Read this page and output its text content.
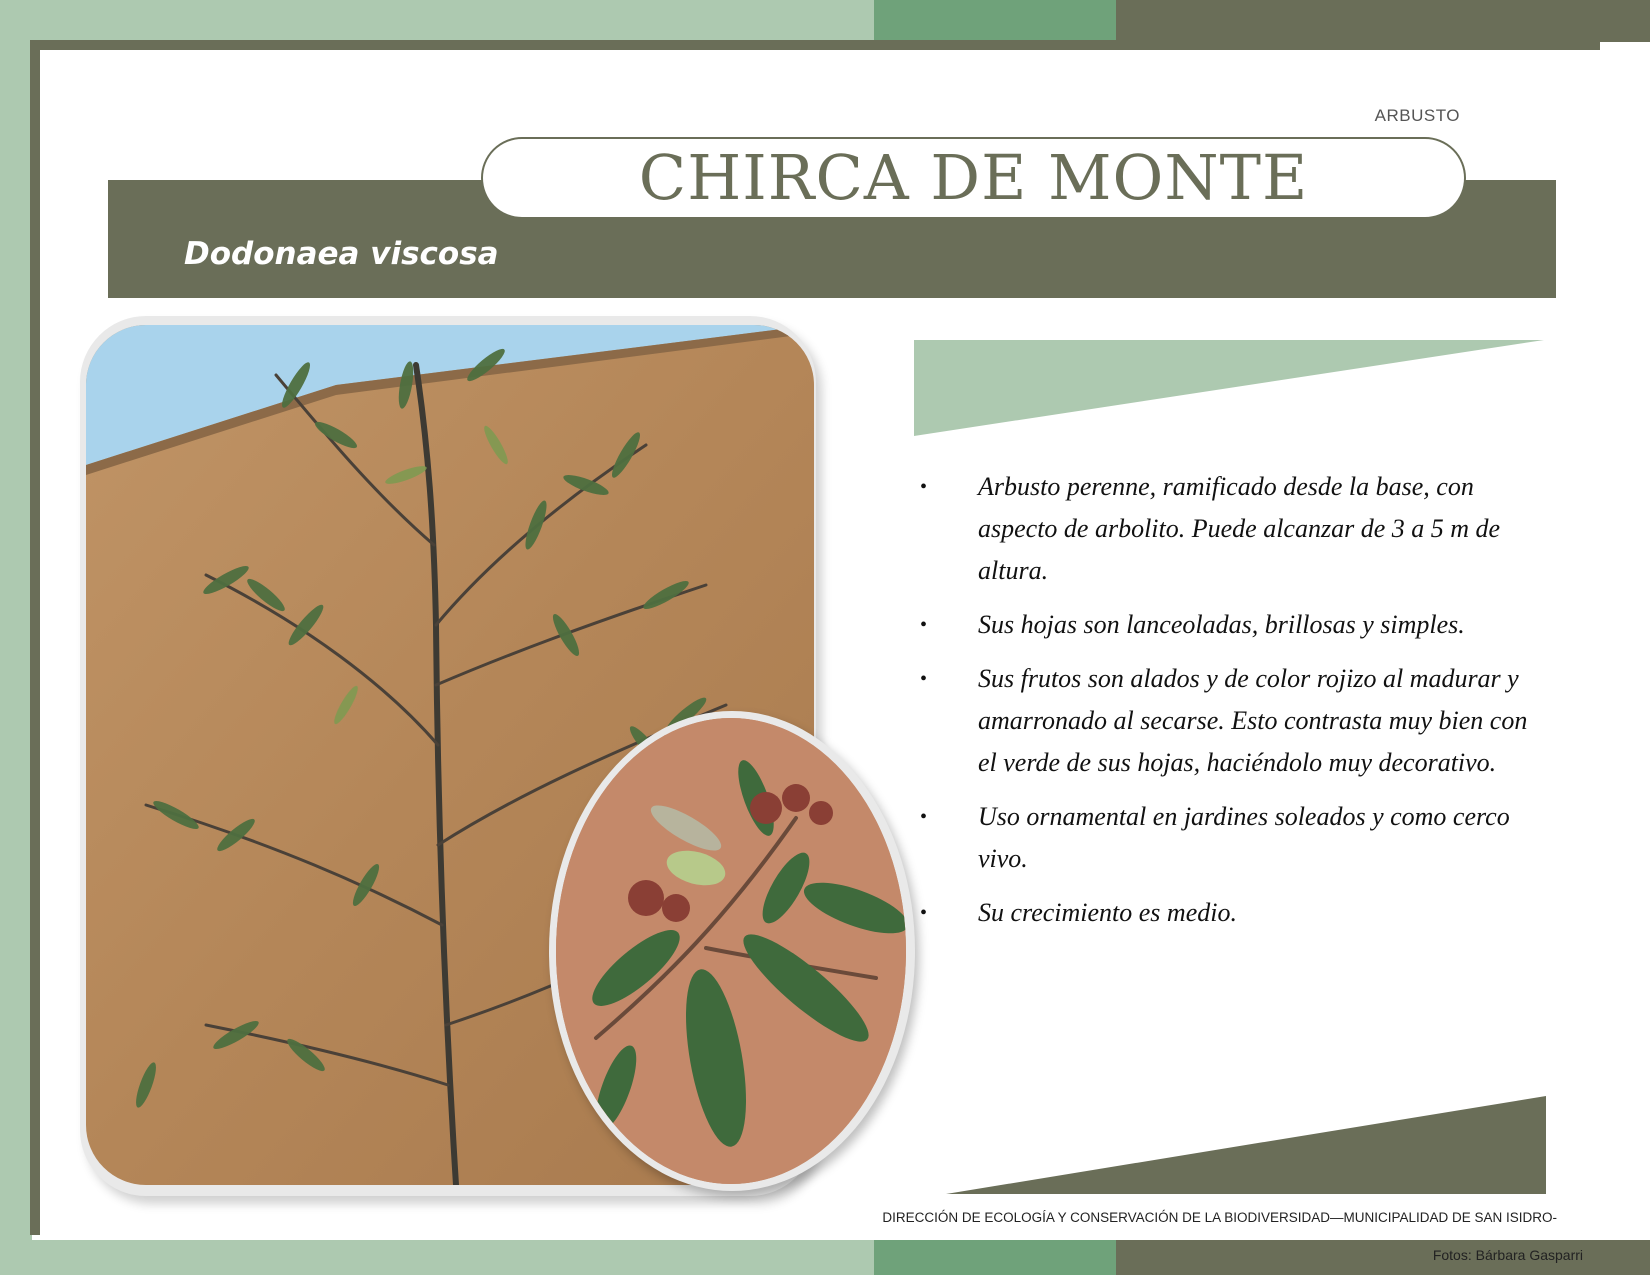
ARBUSTO
CHIRCA DE MONTE
Dodonaea viscosa
• Arbusto perenne, ramificado desde la base, con aspecto de arbolito. Puede alcanzar de 3 a 5 m de altura.
• Sus hojas son lanceoladas, brillosas y simples.
• Sus frutos son alados y de color rojizo al madurar y amarronado al secarse. Esto contrasta muy bien con el verde de sus hojas, haciéndolo muy decorativo.
• Uso ornamental en jardines soleados y como cerco vivo.
• Su crecimiento es medio.
DIRECCIÓN DE ECOLOGÍA Y CONSERVACIÓN DE LA BIODIVERSIDAD—MUNICIPALIDAD DE SAN ISIDRO-
Fotos: Bárbara Gasparri
